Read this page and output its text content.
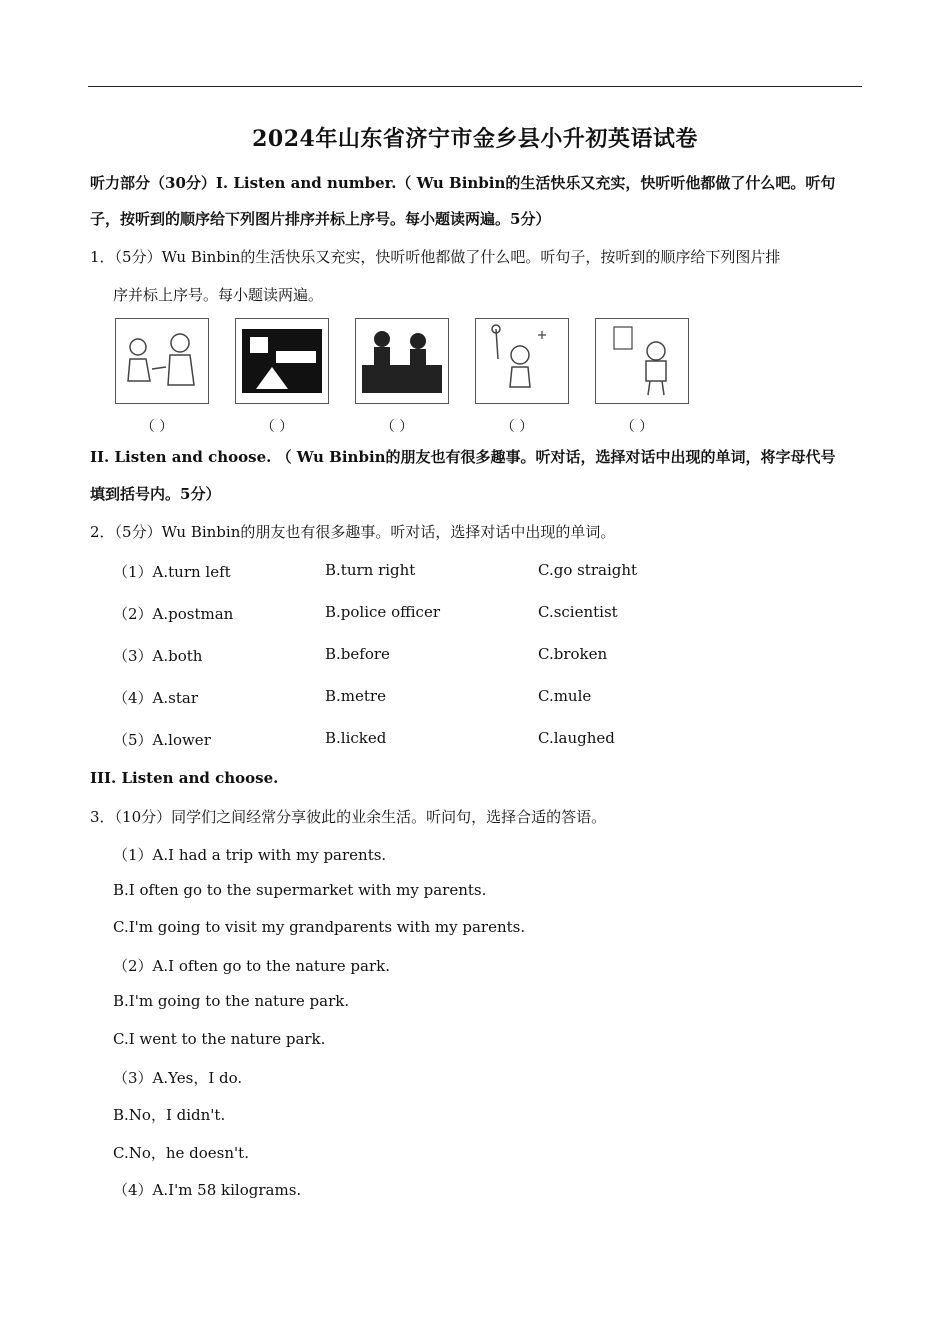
2024年山东省济宁市金乡县小升初英语试卷
听力部分（30分）I. Listen and number.（ Wu Binbin的生活快乐又充实，快听听他都做了什么吧。听句
子，按听到的顺序给下列图片排序并标上序号。每小题读两遍。5分）
1．（5分）Wu Binbin的生活快乐又充实，快听听他都做了什么吧。听句子，按听到的顺序给下列图片排
序并标上序号。每小题读两遍。
（ ）	（ ）	（ ）	（ ）	（ ）
II. Listen and choose. （ Wu Binbin的朋友也有很多趣事。听对话，选择对话中出现的单词，将字母代号
填到括号内。5分）
2．（5分）Wu Binbin的朋友也有很多趣事。听对话，选择对话中出现的单词。
（1）A.turn left	B.turn right	C.go straight
（2）A.postman	B.police officer	C.scientist
（3）A.both	B.before	C.broken
（4）A.star	B.metre	C.mule
（5）A.lower	B.licked	C.laughed
III. Listen and choose.
3．（10分）同学们之间经常分享彼此的业余生活。听问句，选择合适的答语。
（1）A.I had a trip with my parents.
B.I often go to the supermarket with my parents.
C.I'm going to visit my grandparents with my parents.
（2）A.I often go to the nature park.
B.I'm going to the nature park.
C.I went to the nature park.
（3）A.Yes，I do.
B.No，I didn't.
C.No，he doesn't.
（4）A.I'm 58 kilograms.
